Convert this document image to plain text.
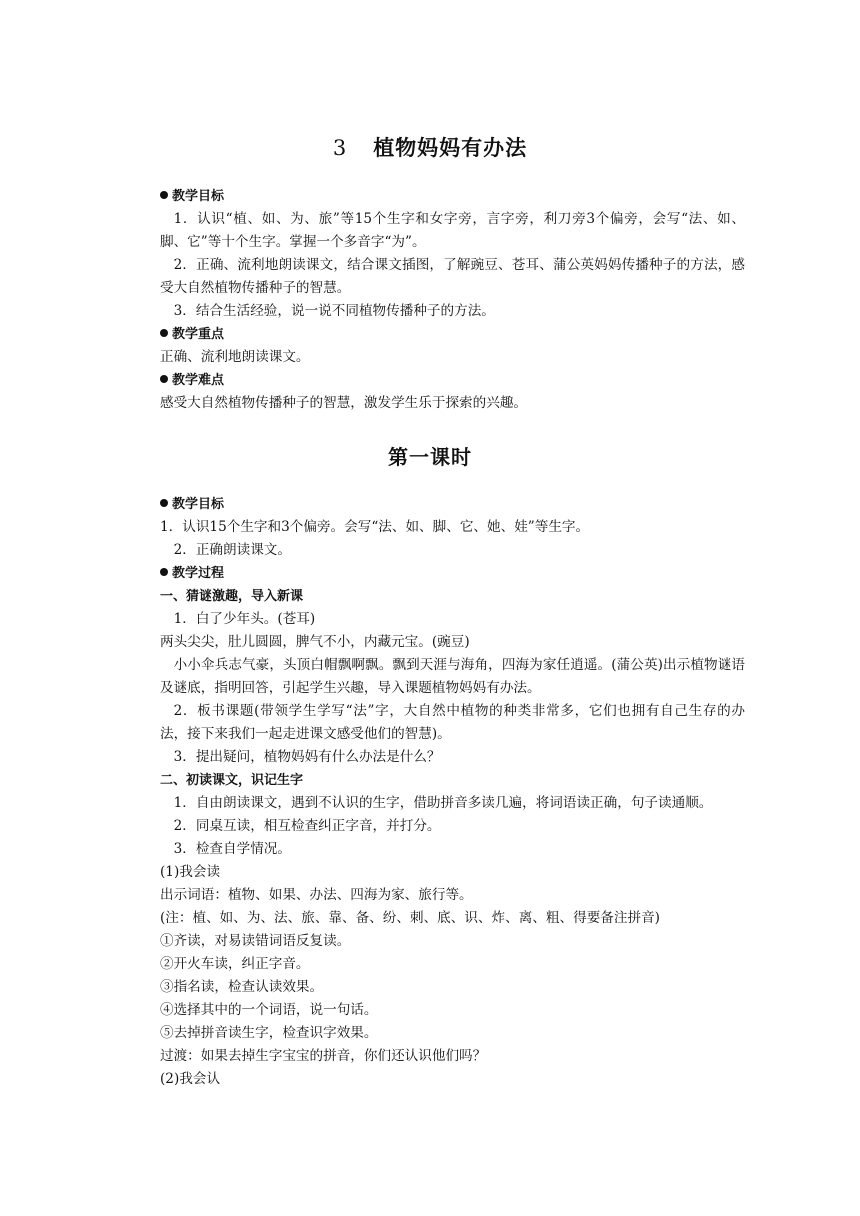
3 植物妈妈有办法

教学目标

1．认识“植、如、为、旅”等15个生字和女字旁，言字旁，利刀旁3个偏旁，会写“法、如、脚、它”等十个生字。掌握一个多音字“为”。

2．正确、流利地朗读课文，结合课文插图，了解豌豆、苍耳、蒲公英妈妈传播种子的方法，感受大自然植物传播种子的智慧。

3．结合生活经验，说一说不同植物传播种子的方法。

教学重点

正确、流利地朗读课文。

教学难点

感受大自然植物传播种子的智慧，激发学生乐于探索的兴趣。

第一课时

教学目标

1．认识15个生字和3个偏旁。会写“法、如、脚、它、她、娃”等生字。

2．正确朗读课文。

教学过程

一、猜谜激趣，导入新课

1．白了少年头。(苍耳)

两头尖尖，肚儿圆圆，脾气不小，内藏元宝。(豌豆)

小小伞兵志气豪，头顶白帽飘啊飘。飘到天涯与海角，四海为家任逍遥。(蒲公英)出示植物谜语及谜底，指明回答，引起学生兴趣，导入课题植物妈妈有办法。

2．板书课题(带领学生学写“法”字，大自然中植物的种类非常多，它们也拥有自己生存的办法，接下来我们一起走进课文感受他们的智慧)。

3．提出疑问，植物妈妈有什么办法是什么？

二、初读课文，识记生字

1．自由朗读课文，遇到不认识的生字，借助拼音多读几遍，将词语读正确，句子读通顺。

2．同桌互读，相互检查纠正字音，并打分。

3．检查自学情况。

(1)我会读

出示词语：植物、如果、办法、四海为家、旅行等。

(注：植、如、为、法、旅、靠、备、纷、刺、底、识、炸、离、粗、得要备注拼音)

①齐读，对易读错词语反复读。

②开火车读，纠正字音。

③指名读，检查认读效果。

④选择其中的一个词语，说一句话。

⑤去掉拼音读生字，检查识字效果。

过渡：如果去掉生字宝宝的拼音，你们还认识他们吗？

(2)我会认
